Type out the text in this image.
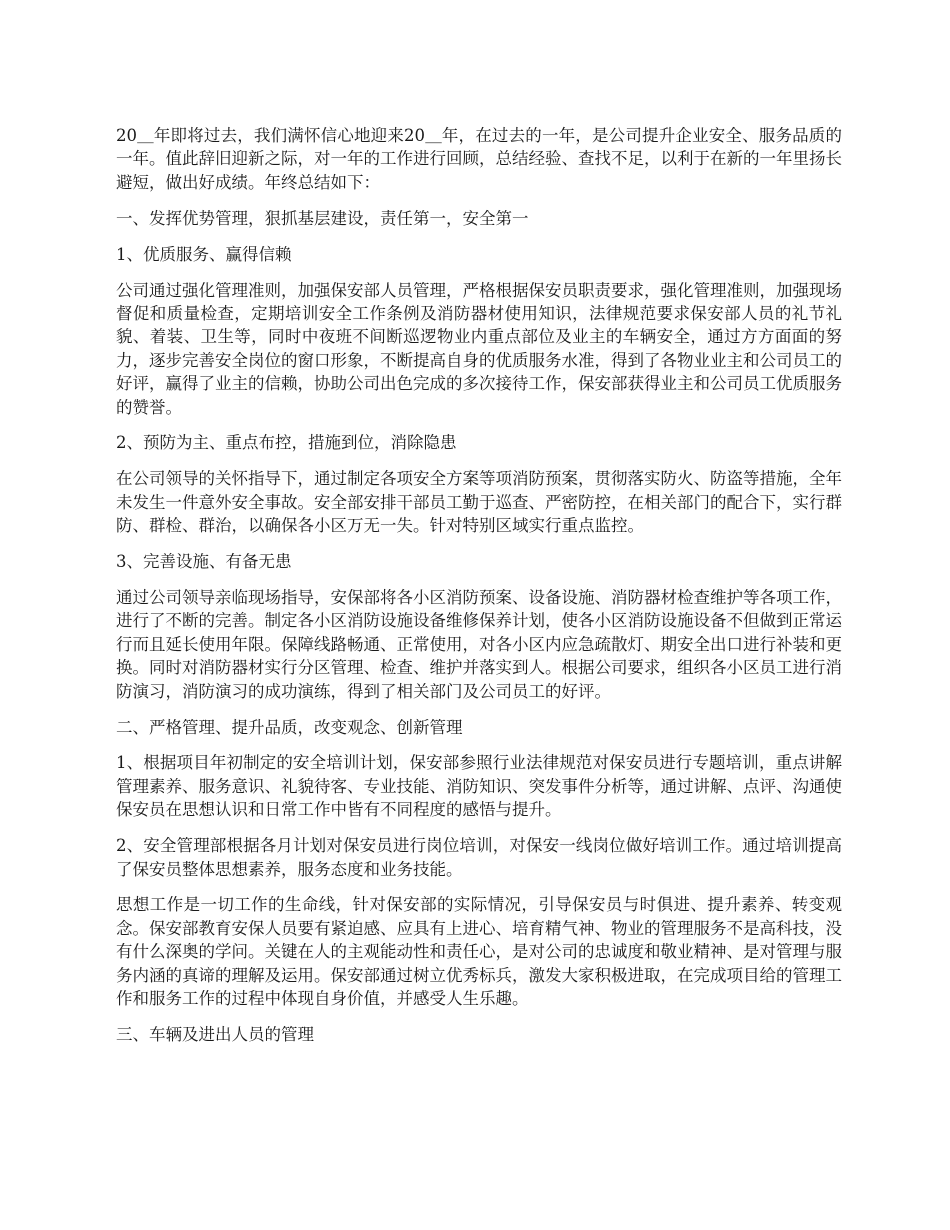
20＿年即将过去，我们满怀信心地迎来20＿年，在过去的一年，是公司提升企业安全、服务品质的一年。值此辞旧迎新之际，对一年的工作进行回顾，总结经验、查找不足，以利于在新的一年里扬长避短，做出好成绩。年终总结如下：

一、发挥优势管理，狠抓基层建设，责任第一，安全第一

1、优质服务、赢得信赖

公司通过强化管理准则，加强保安部人员管理，严格根据保安员职责要求，强化管理准则，加强现场督促和质量检查，定期培训安全工作条例及消防器材使用知识，法律规范要求保安部人员的礼节礼貌、着装、卫生等，同时中夜班不间断巡逻物业内重点部位及业主的车辆安全，通过方方面面的努力，逐步完善安全岗位的窗口形象，不断提高自身的优质服务水准，得到了各物业业主和公司员工的好评，赢得了业主的信赖，协助公司出色完成的多次接待工作，保安部获得业主和公司员工优质服务的赞誉。

2、预防为主、重点布控，措施到位，消除隐患

在公司领导的关怀指导下，通过制定各项安全方案等项消防预案，贯彻落实防火、防盗等措施，全年未发生一件意外安全事故。安全部安排干部员工勤于巡查、严密防控，在相关部门的配合下，实行群防、群检、群治，以确保各小区万无一失。针对特别区域实行重点监控。

3、完善设施、有备无患

通过公司领导亲临现场指导，安保部将各小区消防预案、设备设施、消防器材检查维护等各项工作，进行了不断的完善。制定各小区消防设施设备维修保养计划，使各小区消防设施设备不但做到正常运行而且延长使用年限。保障线路畅通、正常使用，对各小区内应急疏散灯、期安全出口进行补装和更换。同时对消防器材实行分区管理、检查、维护并落实到人。根据公司要求，组织各小区员工进行消防演习，消防演习的成功演练，得到了相关部门及公司员工的好评。

二、严格管理、提升品质，改变观念、创新管理

1、根据项目年初制定的安全培训计划，保安部参照行业法律规范对保安员进行专题培训，重点讲解管理素养、服务意识、礼貌待客、专业技能、消防知识、突发事件分析等，通过讲解、点评、沟通使保安员在思想认识和日常工作中皆有不同程度的感悟与提升。

2、安全管理部根据各月计划对保安员进行岗位培训，对保安一线岗位做好培训工作。通过培训提高了保安员整体思想素养，服务态度和业务技能。

思想工作是一切工作的生命线，针对保安部的实际情况，引导保安员与时俱进、提升素养、转变观念。保安部教育安保人员要有紧迫感、应具有上进心、培育精气神、物业的管理服务不是高科技，没有什么深奥的学问。关键在人的主观能动性和责任心，是对公司的忠诚度和敬业精神、是对管理与服务内涵的真谛的理解及运用。保安部通过树立优秀标兵，激发大家积极进取，在完成项目给的管理工作和服务工作的过程中体现自身价值，并感受人生乐趣。

三、车辆及进出人员的管理
